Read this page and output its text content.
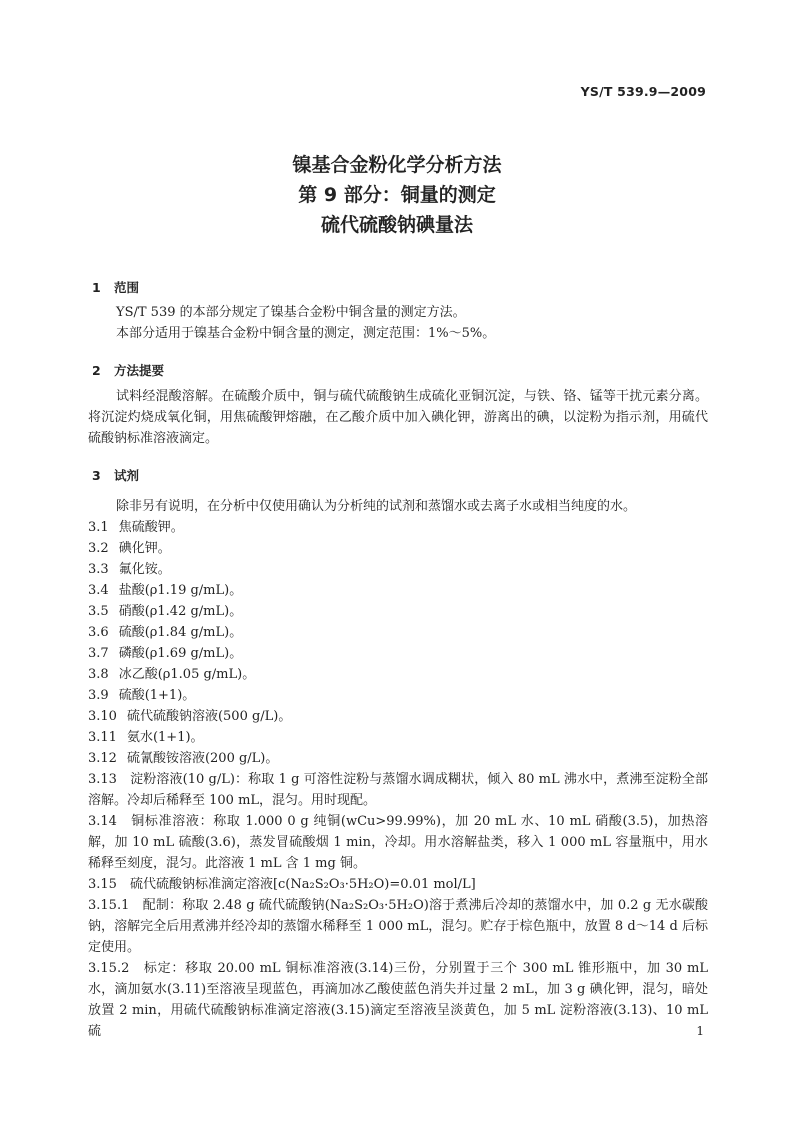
YS/T 539.9—2009
镍基合金粉化学分析方法
第 9 部分：铜量的测定
硫代硫酸钠碘量法
1 范围
YS/T 539 的本部分规定了镍基合金粉中铜含量的测定方法。
本部分适用于镍基合金粉中铜含量的测定，测定范围：1%～5%。
2 方法提要
试料经混酸溶解。在硫酸介质中，铜与硫代硫酸钠生成硫化亚铜沉淀，与铁、铬、锰等干扰元素分离。将沉淀灼烧成氧化铜，用焦硫酸钾熔融，在乙酸介质中加入碘化钾，游离出的碘，以淀粉为指示剂，用硫代硫酸钠标准溶液滴定。
3 试剂
除非另有说明，在分析中仅使用确认为分析纯的试剂和蒸馏水或去离子水或相当纯度的水。
3.1 焦硫酸钾。
3.2 碘化钾。
3.3 氟化铵。
3.4 盐酸(ρ1.19 g/mL)。
3.5 硝酸(ρ1.42 g/mL)。
3.6 硫酸(ρ1.84 g/mL)。
3.7 磷酸(ρ1.69 g/mL)。
3.8 冰乙酸(ρ1.05 g/mL)。
3.9 硫酸(1+1)。
3.10 硫代硫酸钠溶液(500 g/L)。
3.11 氨水(1+1)。
3.12 硫氰酸铵溶液(200 g/L)。
3.13　淀粉溶液(10 g/L)：称取 1 g 可溶性淀粉与蒸馏水调成糊状，倾入 80 mL 沸水中，煮沸至淀粉全部溶解。冷却后稀释至 100 mL，混匀。用时现配。
3.14　铜标准溶液：称取 1.000 0 g 纯铜(wCu>99.99%)，加 20 mL 水、10 mL 硝酸(3.5)，加热溶解，加 10 mL 硫酸(3.6)，蒸发冒硫酸烟 1 min，冷却。用水溶解盐类，移入 1 000 mL 容量瓶中，用水稀释至刻度，混匀。此溶液 1 mL 含 1 mg 铜。
3.15　硫代硫酸钠标准滴定溶液[c(Na₂S₂O₃·5H₂O)=0.01 mol/L]
3.15.1　配制：称取 2.48 g 硫代硫酸钠(Na₂S₂O₃·5H₂O)溶于煮沸后冷却的蒸馏水中，加 0.2 g 无水碳酸钠，溶解完全后用煮沸并经冷却的蒸馏水稀释至 1 000 mL，混匀。贮存于棕色瓶中，放置 8 d～14 d 后标定使用。
3.15.2　标定：移取 20.00 mL 铜标准溶液(3.14)三份，分别置于三个 300 mL 锥形瓶中，加 30 mL 水，滴加氨水(3.11)至溶液呈现蓝色，再滴加冰乙酸使蓝色消失并过量 2 mL，加 3 g 碘化钾，混匀，暗处放置 2 min，用硫代硫酸钠标准滴定溶液(3.15)滴定至溶液呈淡黄色，加 5 mL 淀粉溶液(3.13)、10 mL 硫	1
